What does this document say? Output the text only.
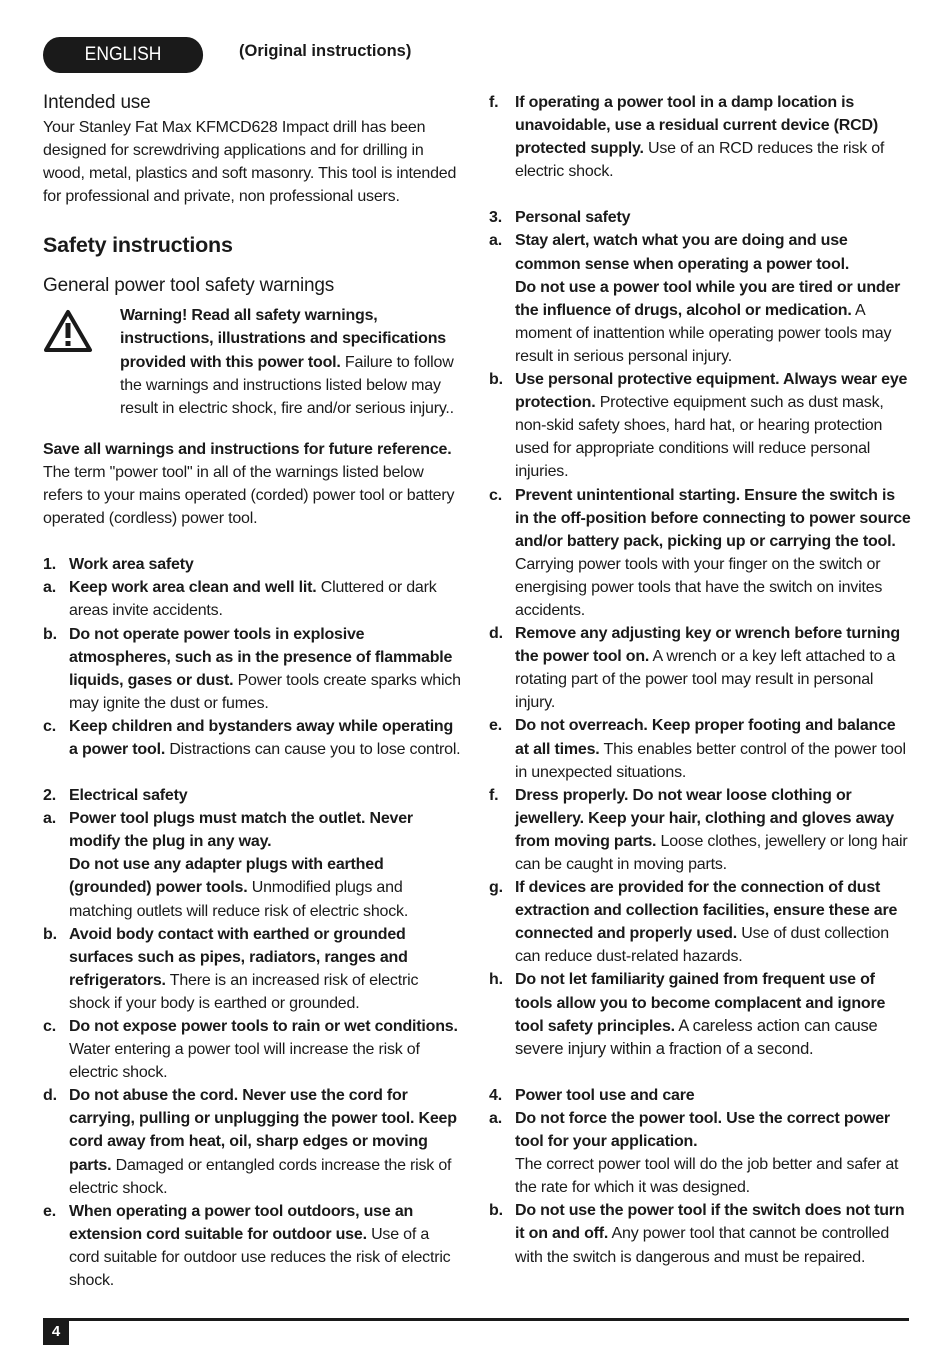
ENGLISH	(Original instructions)
Intended use

Your Stanley Fat Max KFMCD628 Impact drill has been designed for screwdriving applications and for drilling in wood, metal, plastics and soft masonry. This tool is intended for professional and private, non professional users.

Safety instructions
General power tool safety warnings
Warning! Read all safety warnings, instructions, illustrations and specifications provided with this power tool. Failure to follow the warnings and instructions listed below may result in electric shock, fire and/or serious injury..

Save all warnings and instructions for future reference.

The term "power tool" in all of the warnings listed below refers to your mains operated (corded) power tool or battery operated (cordless) power tool.

1. Work area safety
a. Keep work area clean and well lit. Cluttered or dark areas invite accidents.
b. Do not operate power tools in explosive atmospheres, such as in the presence of flammable liquids, gases or dust. Power tools create sparks which may ignite the dust or fumes.
c. Keep children and bystanders away while operating a power tool. Distractions can cause you to lose control.
2. Electrical safety
a. Power tool plugs must match the outlet. Never modify the plug in any way.
Do not use any adapter plugs with earthed (grounded) power tools. Unmodified plugs and matching outlets will reduce risk of electric shock.
b. Avoid body contact with earthed or grounded surfaces such as pipes, radiators, ranges and refrigerators. There is an increased risk of electric shock if your body is earthed or grounded.
c. Do not expose power tools to rain or wet conditions. Water entering a power tool will increase the risk of electric shock.
d. Do not abuse the cord. Never use the cord for carrying, pulling or unplugging the power tool. Keep cord away from heat, oil, sharp edges or moving parts. Damaged or entangled cords increase the risk of electric shock.
e. When operating a power tool outdoors, use an extension cord suitable for outdoor use. Use of a cord suitable for outdoor use reduces the risk of electric shock.
f.	If operating a power tool in a damp location is unavoidable, use a residual current device (RCD) protected supply. Use of an RCD reduces the risk of electric shock.
3. Personal safety
a. Stay alert, watch what you are doing and use common sense when operating a power tool.
Do not use a power tool while you are tired or under the influence of drugs, alcohol or medication. A moment of inattention while operating power tools may result in serious personal injury.
b. Use personal protective equipment. Always wear eye protection. Protective equipment such as dust mask, non-skid safety shoes, hard hat, or hearing protection used for appropriate conditions will reduce personal injuries.
c. Prevent unintentional starting. Ensure the switch is in the off-position before connecting to power source and/or battery pack, picking up or carrying the tool. Carrying power tools with your finger on the switch or energising power tools that have the switch on invites accidents.
d. Remove any adjusting key or wrench before turning the power tool on. A wrench or a key left attached to a rotating part of the power tool may result in personal injury.
e. Do not overreach. Keep proper footing and balance at all times. This enables better control of the power tool in unexpected situations.
f.	Dress properly. Do not wear loose clothing or jewellery. Keep your hair, clothing and gloves away from moving parts. Loose clothes, jewellery or long hair can be caught in moving parts.
g. If devices are provided for the connection of dust extraction and collection facilities, ensure these are connected and properly used. Use of dust collection can reduce dust-related hazards.
h. Do not let familiarity gained from frequent use of tools allow you to become complacent and ignore tool safety principles. A careless action can cause severe injury within a fraction of a second.
4. Power tool use and care
a. Do not force the power tool. Use the correct power tool for your application.
The correct power tool will do the job better and safer at the rate for which it was designed.
b. Do not use the power tool if the switch does not turn it on and off. Any power tool that cannot be controlled with the switch is dangerous and must be repaired.
4
